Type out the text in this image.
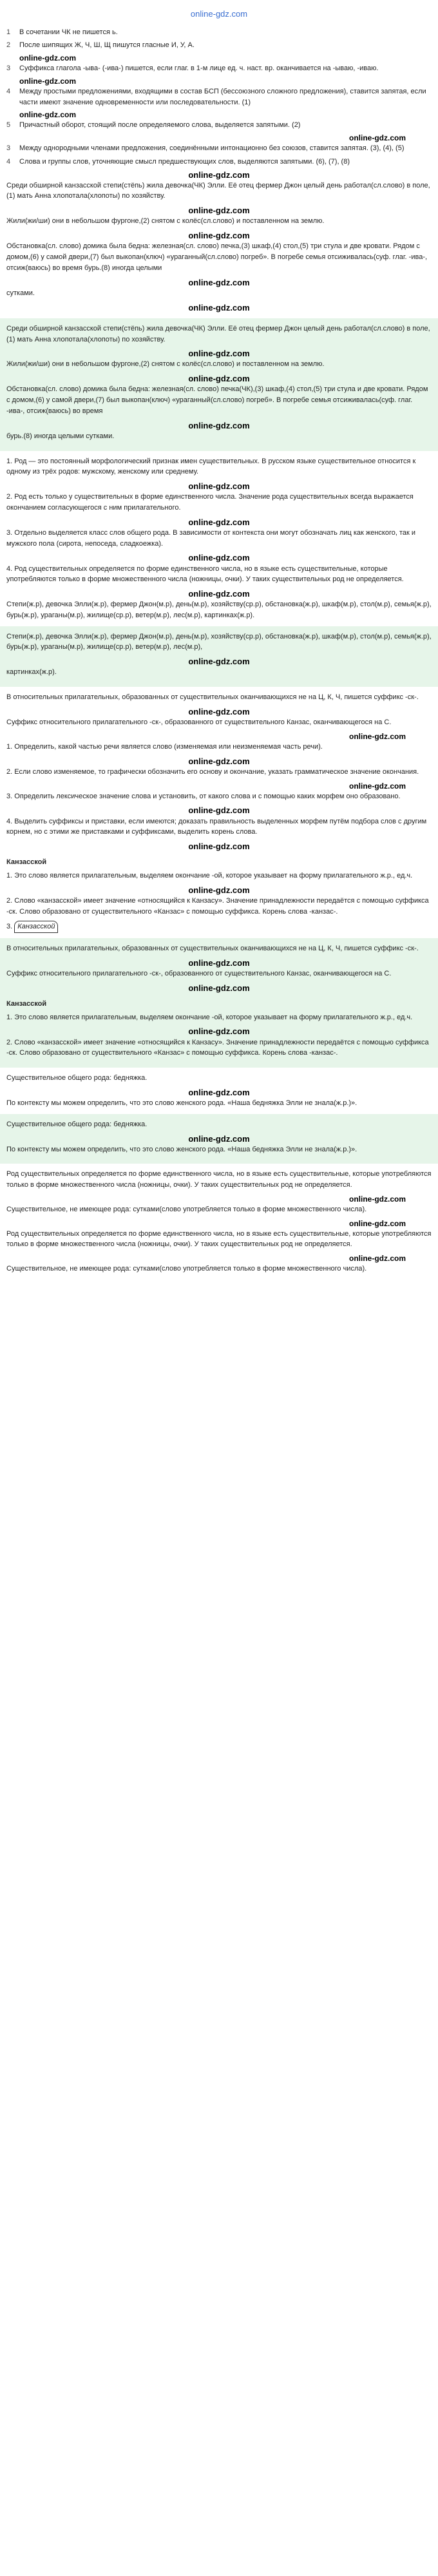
online-gdz.com
1	В сочетании ЧК не пишется ь.
2	После шипящих Ж, Ч, Ш, Щ пишутся гласные И, У, А.
online-gdz.com
3	Суффикса глагола -ыва- (-ива-) пишется, если глаг. в 1-м лице ед. ч. наст. вр. оканчивается на -ываю, -иваю.
online-gdz.com
4	Между простыми предложениями, входящими в состав БСП (бессоюзного сложного предложения), ставится запятая, если части имеют значение одновременности или последовательности. (1)
online-gdz.com
5	Причастный оборот, стоящий после определяемого слова, выделяется запятыми. (2)
online-gdz.com
3	Между однородными членами предложения, соединёнными интонационно без союзов, ставится запятая. (3), (4), (5)
4	Слова и группы слов, уточняющие смысл предшествующих слов, выделяются запятыми. (6), (7), (8)
online-gdz.com

Среди обширной канзасской степи(стёпь) жила девочка(ЧК) Элли. Её отец фермер Джон целый день работал(сл.слово) в поле,(1) мать Анна хлопотала(хлопоты) по хозяйству.

online-gdz.com

Жили(жи/ши) они в небольшом фургоне,(2) снятом с колёс(сл.слово) и поставленном на землю.

online-gdz.com

Обстановка(сл. слово) домика была бедна: железная(сл. слово) печка,(3) шкаф,(4) стол,(5) три стула и две кровати. Рядом с домом,(6) у самой двери,(7) был выкопан(ключ) «ураганный(сл.слово) погреб». В погребе семья отсиживалась(суф. глаг. -ива-, отсиж(ваюсь) во время бурь.(8) иногда целыми

online-gdz.com

сутками.

online-gdz.com

Среди обширной канзасской степи(стёпь) жила девочка(ЧК) Элли. Её отец фермер Джон целый день работал(сл.слово) в поле,(1) мать Анна хлопотала(хлопоты) по хозяйству.

online-gdz.com

Жили(жи/ши) они в небольшом фургоне,(2) снятом с колёс(сл.слово) и поставленном на землю.

online-gdz.com

Обстановка(сл. слово) домика была бедна: железная(сл. слово) печка(ЧК),(3) шкаф,(4) стол,(5) три стула и две кровати. Рядом с домом,(6) у самой двери,(7) был выкопан(ключ) «ураганный(сл.слово) погреб». В погребе семья отсиживалась(суф. глаг. -ива-, отсиж(ваюсь) во время

online-gdz.com

бурь.(8) иногда целыми сутками.

1. Род — это постоянный морфологический признак имен существительных. В русском языке существительное относится к одному из трёх родов: мужскому, женскому или среднему.

online-gdz.com

2. Род есть только у существительных в форме единственного числа. Значение рода существительных всегда выражается окончанием согласующегося с ним прилагательного.

online-gdz.com

3. Отдельно выделяется класс слов общего рода. В зависимости от контекста они могут обозначать лиц как женского, так и мужского пола (сирота, непоседа, сладкоежка).

online-gdz.com

4. Род существительных определяется по форме единственного числа, но в языке есть существительные, которые употребляются только в форме множественного числа (ножницы, очки). У таких существительных род не определяется.

online-gdz.com

Степи(ж.р), девочка Элли(ж.р), фермер Джон(м.р), день(м.р), хозяйству(ср.р), обстановка(ж.р), шкаф(м.р), стол(м.р), семья(ж.р), бурь(ж.р), ураганы(м.р), жилище(ср.р), ветер(м.р), лес(м.р), картинках(ж.р).

Степи(ж.р), девочка Элли(ж.р), фермер Джон(м.р), день(м.р), хозяйству(ср.р), обстановка(ж.р), шкаф(м.р), стол(м.р), семья(ж.р), бурь(ж.р), ураганы(м.р), жилище(ср.р), ветер(м.р), лес(м.р),

online-gdz.com

картинках(ж.р).

В относительных прилагательных, образованных от существительных оканчивающихся не на Ц, К, Ч, пишется суффикс -ск-.

online-gdz.com

Суффикс относительного прилагательного -ск-, образованного от существительного Канзас, оканчивающегося на С.

online-gdz.com

1. Определить, какой частью речи является слово (изменяемая или неизменяемая часть речи).

online-gdz.com

2. Если слово изменяемое, то графически обозначить его основу и окончание, указать грамматическое значение окончания.

online-gdz.com

3. Определить лексическое значение слова и установить, от какого слова и с помощью каких морфем оно образовано.

online-gdz.com

4. Выделить суффиксы и приставки, если имеются; доказать правильность выделенных морфем путём подбора слов с другим корнем, но с этими же приставками и суффиксами, выделить корень слова.

online-gdz.com

Канзасской

1. Это слово является прилагательным, выделяем окончание -ой, которое указывает на форму прилагательного ж.р., ед.ч.

online-gdz.com

2. Слово «канзасской» имеет значение «относящийся к Канзасу». Значение принадлежности передаётся с помощью суффикса -ск. Слово образовано от существительного «Канзас» с помощью суффикса. Корень слова -канзас-.

3. Канзасской

В относительных прилагательных, образованных от существительных оканчивающихся не на Ц, К, Ч, пишется суффикс -ск-.

online-gdz.com

Суффикс относительного прилагательного -ск-, образованного от существительного Канзас, оканчивающегося на С.

online-gdz.com
Канзасской

1. Это слово является прилагательным, выделяем окончание -ой, которое указывает на форму прилагательного ж.р., ед.ч.

online-gdz.com

2. Слово «канзасской» имеет значение «относящийся к Канзасу». Значение принадлежности передаётся с помощью суффикса -ск. Слово образовано от существительного «Канзас» с помощью суффикса. Корень слова -канзас-.

Существительное общего рода: бедняжка.

online-gdz.com

По контексту мы можем определить, что это слово женского рода. «Наша бедняжка Элли не знала(ж.р.)».

Существительное общего рода: бедняжка.

online-gdz.com

По контексту мы можем определить, что это слово женского рода. «Наша бедняжка Элли не знала(ж.р.)».

Род существительных определяется по форме единственного числа, но в языке есть существительные, которые употребляются только в форме множественного числа (ножницы, очки). У таких существительных род не определяется.

online-gdz.com

Существительное, не имеющее рода: сутками(слово употребляется только в форме множественного числа).

online-gdz.com

Род существительных определяется по форме единственного числа, но в языке есть существительные, которые употребляются только в форме множественного числа (ножницы, очки). У таких существительных род не определяется.

online-gdz.com

Существительное, не имеющее рода: сутками(слово употребляется только в форме множественного числа).
